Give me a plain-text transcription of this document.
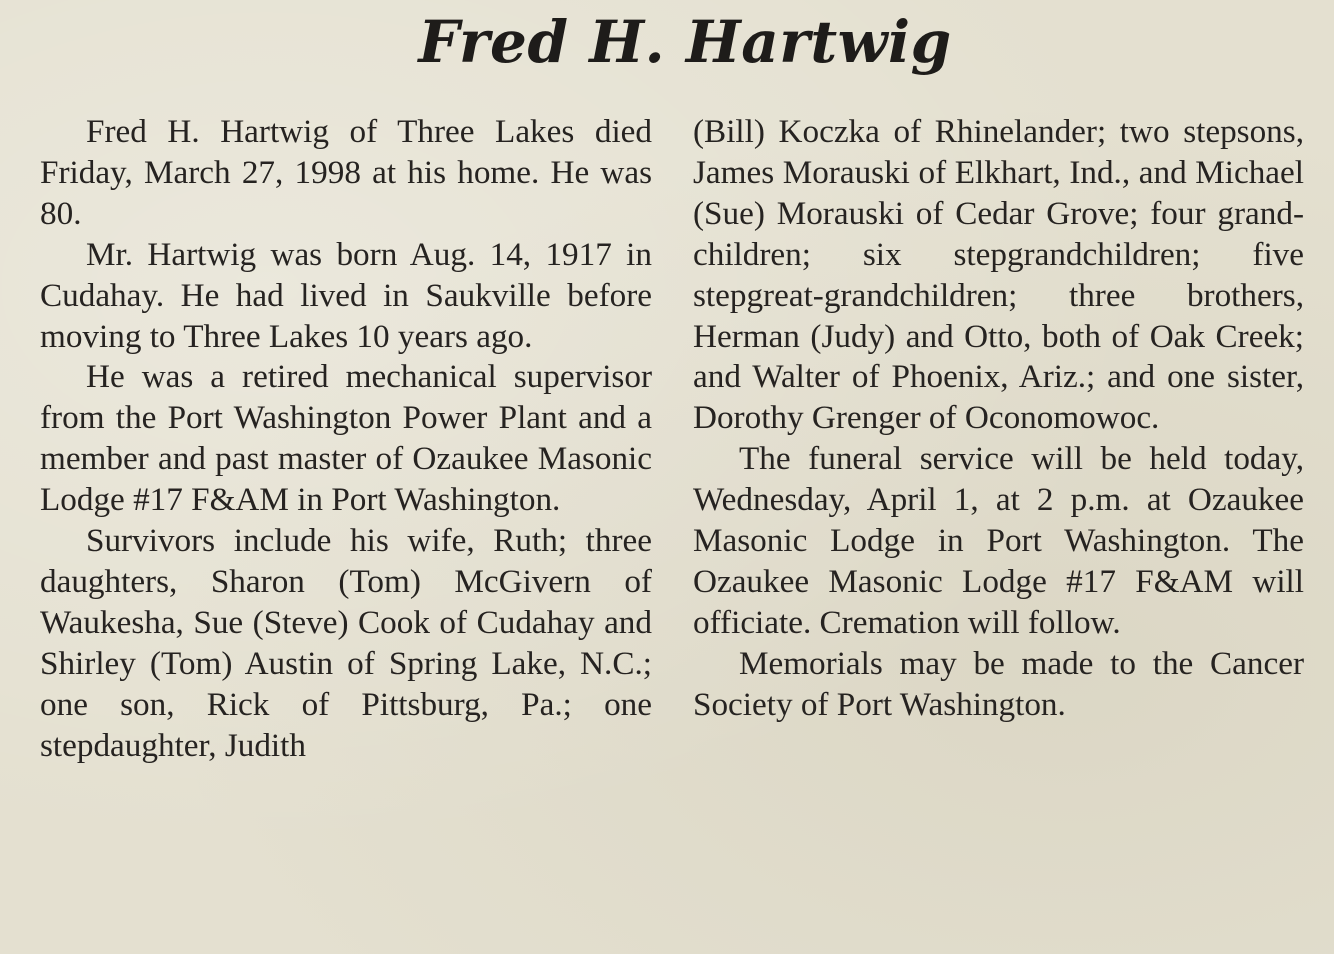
Fred H. Hartwig

Fred H. Hartwig of Three Lakes died Friday, March 27, 1998 at his home. He was 80.

Mr. Hartwig was born Aug. 14, 1917 in Cudahay. He had lived in Saukville before moving to Three Lakes 10 years ago.

He was a retired mechanical supervisor from the Port Washington Power Plant and a member and past master of Ozaukee Masonic Lodge #17 F&AM in Port Washington.

Survivors include his wife, Ruth; three daughters, Sharon (Tom) McGivern of Waukesha, Sue (Steve) Cook of Cudahay and Shirley (Tom) Austin of Spring Lake, N.C.; one son, Rick of Pittsburg, Pa.; one stepdaughter, Judith

(Bill) Koczka of Rhinelander; two stepsons, James Morauski of Elkhart, Ind., and Michael (Sue) Morauski of Cedar Grove; four grandchildren; six stepgrandchildren; five stepgreat-grandchildren; three brothers, Herman (Judy) and Otto, both of Oak Creek; and Walter of Phoenix, Ariz.; and one sister, Dorothy Grenger of Oconomowoc.

The funeral service will be held today, Wednesday, April 1, at 2 p.m. at Ozaukee Masonic Lodge in Port Washington. The Ozaukee Masonic Lodge #17 F&AM will officiate. Cremation will follow.

Memorials may be made to the Cancer Society of Port Washington.
